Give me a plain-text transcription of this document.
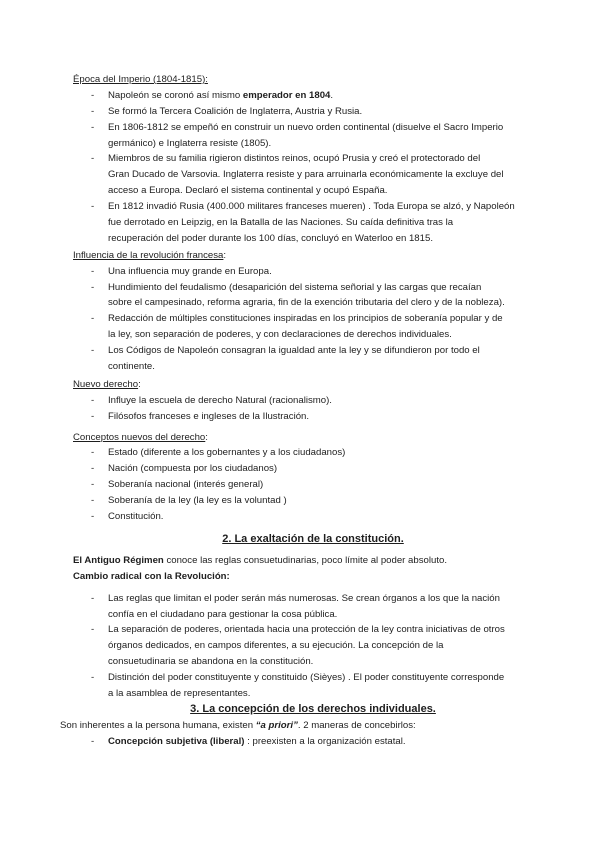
Época del Imperio (1804-1815):
-	Napoleón se coronó así mismo emperador en 1804.
-	Se formó la Tercera Coalición de Inglaterra, Austria y Rusia.
-	En 1806-1812 se empeñó en construir un nuevo orden continental (disuelve el Sacro Imperio
germánico) e Inglaterra resiste (1805).
-	Miembros de su familia rigieron distintos reinos, ocupó Prusia y creó el protectorado del
Gran Ducado de Varsovia. Inglaterra resiste y para arruinarla económicamente la excluye del
acceso a Europa. Declaró el sistema continental y ocupó España.
-	En 1812 invadió Rusia (400.000 militares franceses mueren) . Toda Europa se alzó, y Napoleón
fue derrotado en Leipzig, en la Batalla de las Naciones. Su caída definitiva tras la
recuperación del poder durante los 100 días, concluyó en Waterloo en 1815.
Influencia de la revolución francesa:
-	Una influencia muy grande en Europa.
-	Hundimiento del feudalismo (desaparición del sistema señorial y las cargas que recaían
sobre el campesinado, reforma agraria, fin de la exención tributaria del clero y de la nobleza).
-	Redacción de múltiples constituciones inspiradas en los principios de soberanía popular y de
la ley, son separación de poderes, y con declaraciones de derechos individuales.
-	Los Códigos de Napoleón consagran la igualdad ante la ley y se difundieron por todo el
continente.
Nuevo derecho:
-	Influye la escuela de derecho Natural (racionalismo).
-	Filósofos franceses e ingleses de la Ilustración.
Conceptos nuevos del derecho:
-	Estado (diferente a los gobernantes y a los ciudadanos)
-	Nación (compuesta por los ciudadanos)
-	Soberanía nacional (interés general)
-	Soberanía de la ley (la ley es la voluntad )
-	Constitución.
2. La exaltación de la constitución.
El Antiguo Régimen conoce las reglas consuetudinarias, poco límite al poder absoluto.
Cambio radical con la Revolución:
-	Las reglas que limitan el poder serán más numerosas. Se crean órganos a los que la nación
confía en el ciudadano para gestionar la cosa pública.
-	La separación de poderes, orientada hacia una protección de la ley contra iniciativas de otros
órganos dedicados, en campos diferentes, a su ejecución. La concepción de la
consuetudinaria se abandona en la constitución.
-	Distinción del poder constituyente y constituido (Sièyes) . El poder constituyente corresponde
a la asamblea de representantes.
3. La concepción de los derechos individuales.
Son inherentes a la persona humana, existen “a priori”. 2 maneras de concebirlos:
-	Concepción subjetiva (liberal) : preexisten a la organización estatal.
